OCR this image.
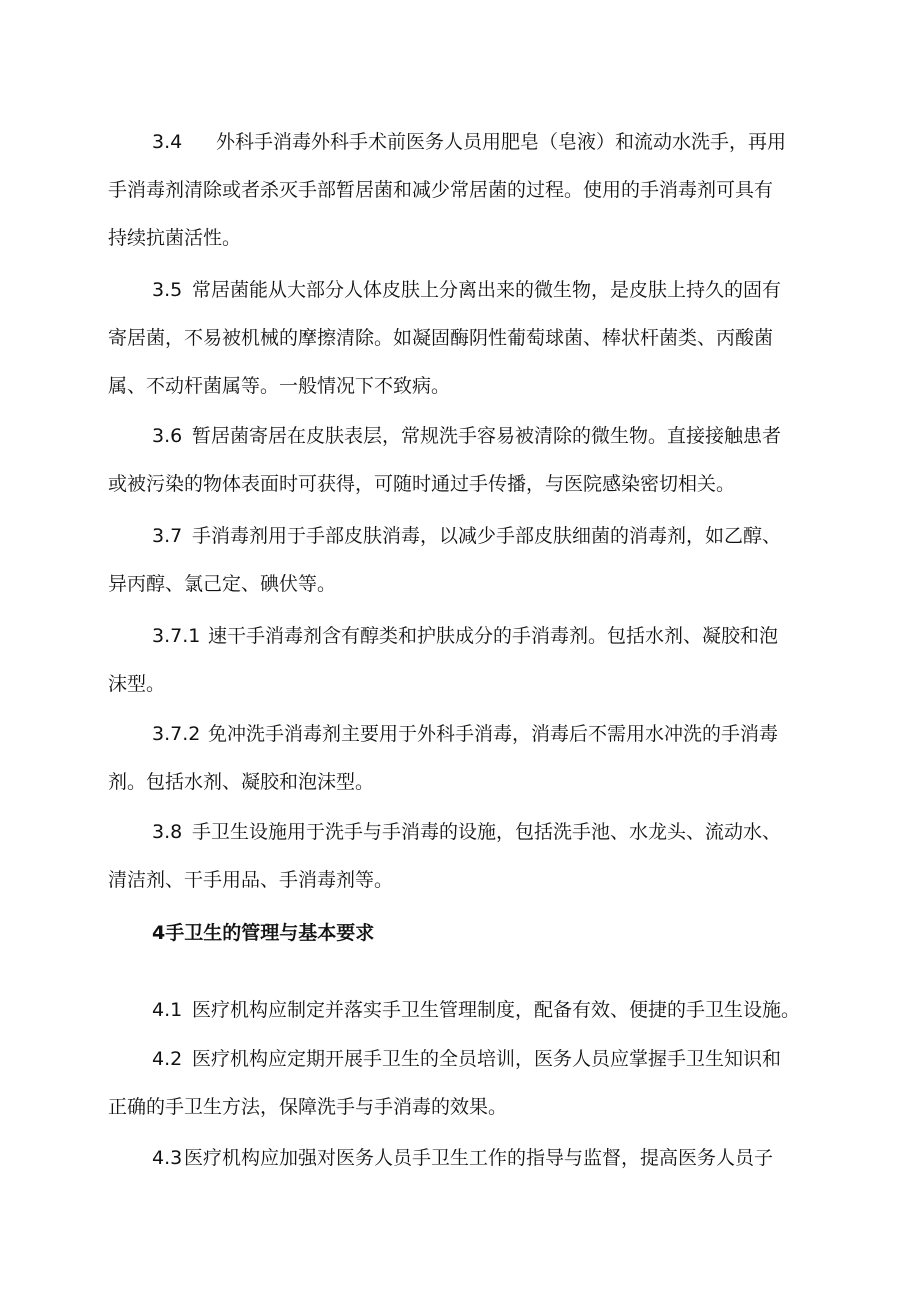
3.4 外科手消毒外科手术前医务人员用肥皂（皂液）和流动水洗手，再用
手消毒剂清除或者杀灭手部暂居菌和减少常居菌的过程。使用的手消毒剂可具有
持续抗菌活性。
3.5 常居菌能从大部分人体皮肤上分离出来的微生物，是皮肤上持久的固有
寄居菌，不易被机械的摩擦清除。如凝固酶阴性葡萄球菌、棒状杆菌类、丙酸菌
属、不动杆菌属等。一般情况下不致病。
3.6 暂居菌寄居在皮肤表层，常规洗手容易被清除的微生物。直接接触患者
或被污染的物体表面时可获得，可随时通过手传播，与医院感染密切相关。
3.7 手消毒剂用于手部皮肤消毒，以减少手部皮肤细菌的消毒剂，如乙醇、
异丙醇、氯己定、碘伏等。
3.7.1 速干手消毒剂含有醇类和护肤成分的手消毒剂。包括水剂、凝胶和泡
沫型。
3.7.2 免冲洗手消毒剂主要用于外科手消毒，消毒后不需用水冲洗的手消毒
剂。包括水剂、凝胶和泡沫型。
3.8 手卫生设施用于洗手与手消毒的设施，包括洗手池、水龙头、流动水、
清洁剂、干手用品、手消毒剂等。
4手卫生的管理与基本要求
4.1 医疗机构应制定并落实手卫生管理制度，配备有效、便捷的手卫生设施。
4.2 医疗机构应定期开展手卫生的全员培训，医务人员应掌握手卫生知识和
正确的手卫生方法，保障洗手与手消毒的效果。
4.3医疗机构应加强对医务人员手卫生工作的指导与监督，提高医务人员子
